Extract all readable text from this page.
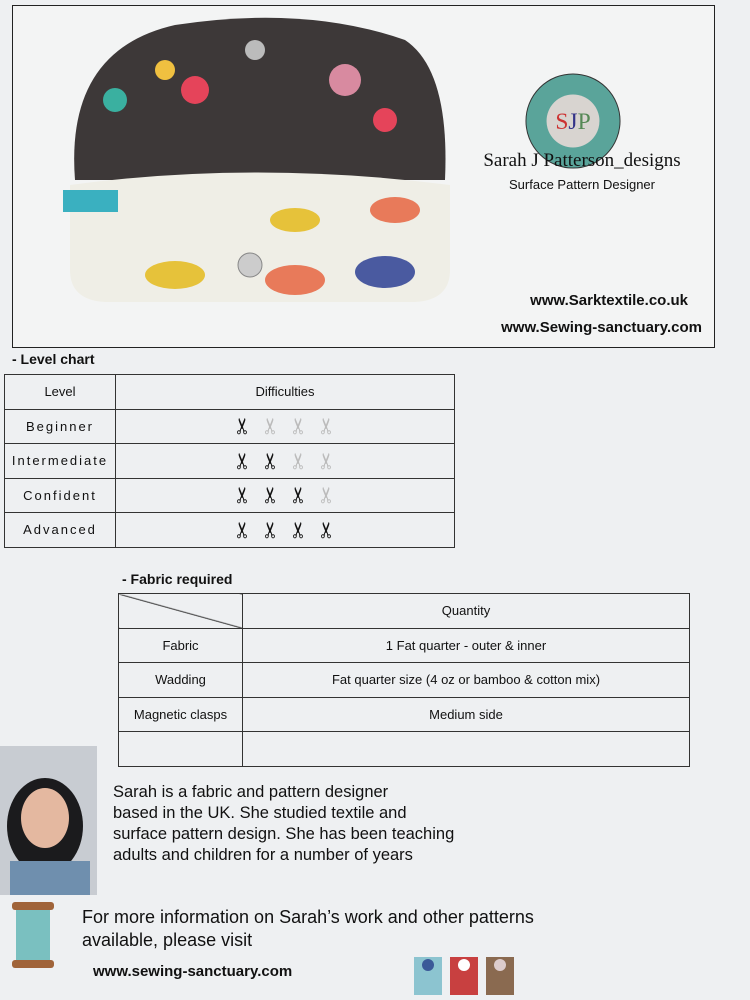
SJP
Sarah J Patterson_designs
Surface Pattern Designer
www.Sarktextile.co.uk
www.Sewing-sanctuary.com
- Level chart
Level	Difficulties
Beginner	✂ ✂ ✂ ✂
Intermediate	✂ ✂ ✂ ✂
Confident	✂ ✂ ✂ ✂
Advanced	✂ ✂ ✂ ✂
- Fabric required
	Quantity
Fabric	1 Fat quarter - outer & inner
Wadding	Fat quarter size (4 oz or bamboo & cotton mix)
Magnetic clasps	Medium side

Sarah is a fabric and pattern designer
based in the UK. She studied textile and
surface pattern design. She has been teaching
adults and children for a number of years
For more information on Sarah’s work and other patterns
available, please visit
www.sewing-sanctuary.com
